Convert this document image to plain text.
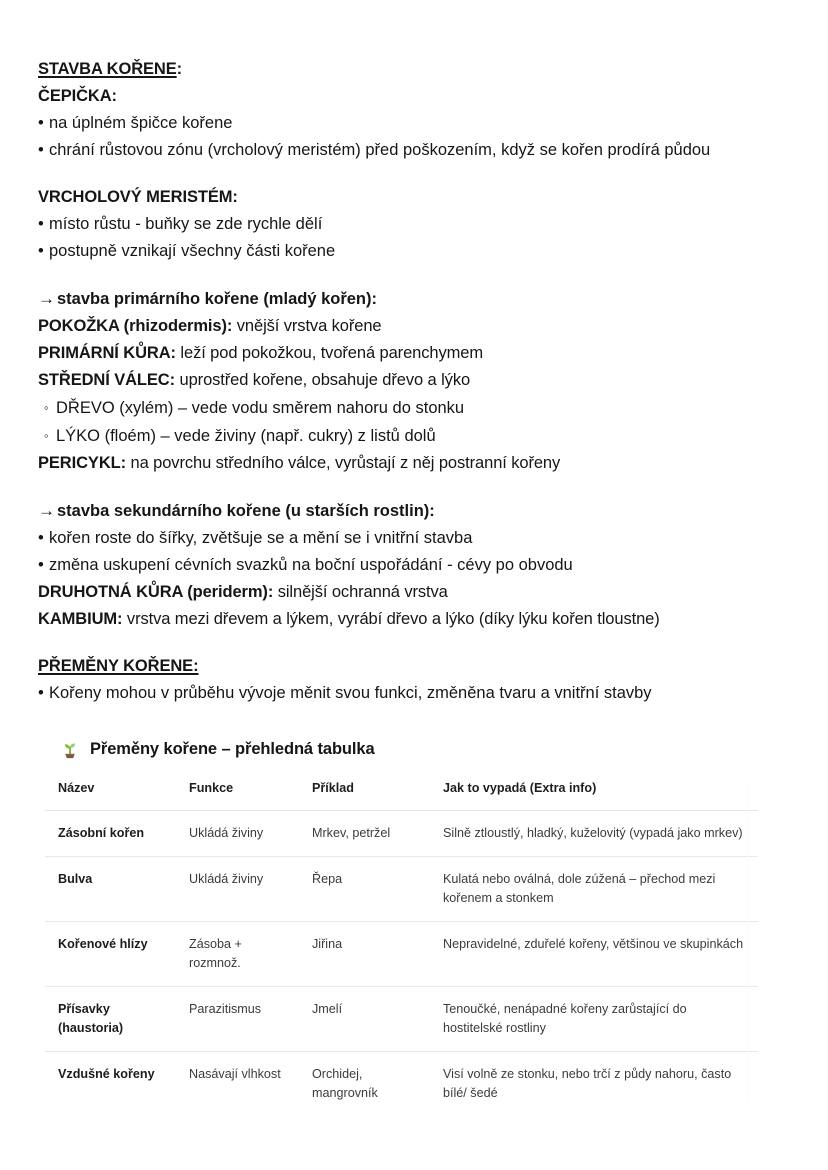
STAVBA KOŘENE:
ČEPIČKA:
• na úplném špičce kořene
• chrání růstovou zónu (vrcholový meristém) před poškozením, když se kořen prodírá půdou
VRCHOLOVÝ MERISTÉM:
• místo růstu - buňky se zde rychle dělí
• postupně vznikají všechny části kořene
→ stavba primárního kořene (mladý kořen):
POKOŽKA (rhizodermis): vnější vrstva kořene
PRIMÁRNÍ KŮRA: leží pod pokožkou, tvořená parenchymem
STŘEDNÍ VÁLEC: uprostřed kořene, obsahuje dřevo a lýko
◦ DŘEVO (xylém) – vede vodu směrem nahoru do stonku
◦ LÝKO (floém) – vede živiny (např. cukry) z listů dolů
PERICYKL: na povrchu středního válce, vyrůstají z něj postranní kořeny
→ stavba sekundárního kořene (u starších rostlin):
• kořen roste do šířky, zvětšuje se a mění se i vnitřní stavba
• změna uskupení cévních svazků na boční uspořádání - cévy po obvodu
DRUHOTNÁ KŮRA (periderm): silnější ochranná vrstva
KAMBIUM: vrstva mezi dřevem a lýkem, vyrábí dřevo a lýko (díky lýku kořen tloustne)
PŘEMĚNY KOŘENE:
• Kořeny mohou v průběhu vývoje měnit svou funkci, změněna tvaru a vnitřní stavby
Přeměny kořene – přehledná tabulka
Název	Funkce	Příklad	Jak to vypadá (Extra info)
Zásobní kořen	Ukládá živiny	Mrkev, petržel	Silně ztloustlý, hladký, kuželovitý (vypadá jako mrkev)
Bulva	Ukládá živiny	Řepa	Kulatá nebo oválná, dole zúžená – přechod mezi kořenem a stonkem
Kořenové hlízy	Zásoba + rozmnož.	Jiřina	Nepravidelné, zduřelé kořeny, většinou ve skupinkách
Přísavky (haustoria)	Parazitismus	Jmelí	Tenoučké, nenápadné kořeny zarůstající do hostitelské rostliny
Vzdušné kořeny	Nasávají vlhkost	Orchidej, mangrovník	Visí volně ze stonku, nebo trčí z půdy nahoru, často bílé/ šedé
